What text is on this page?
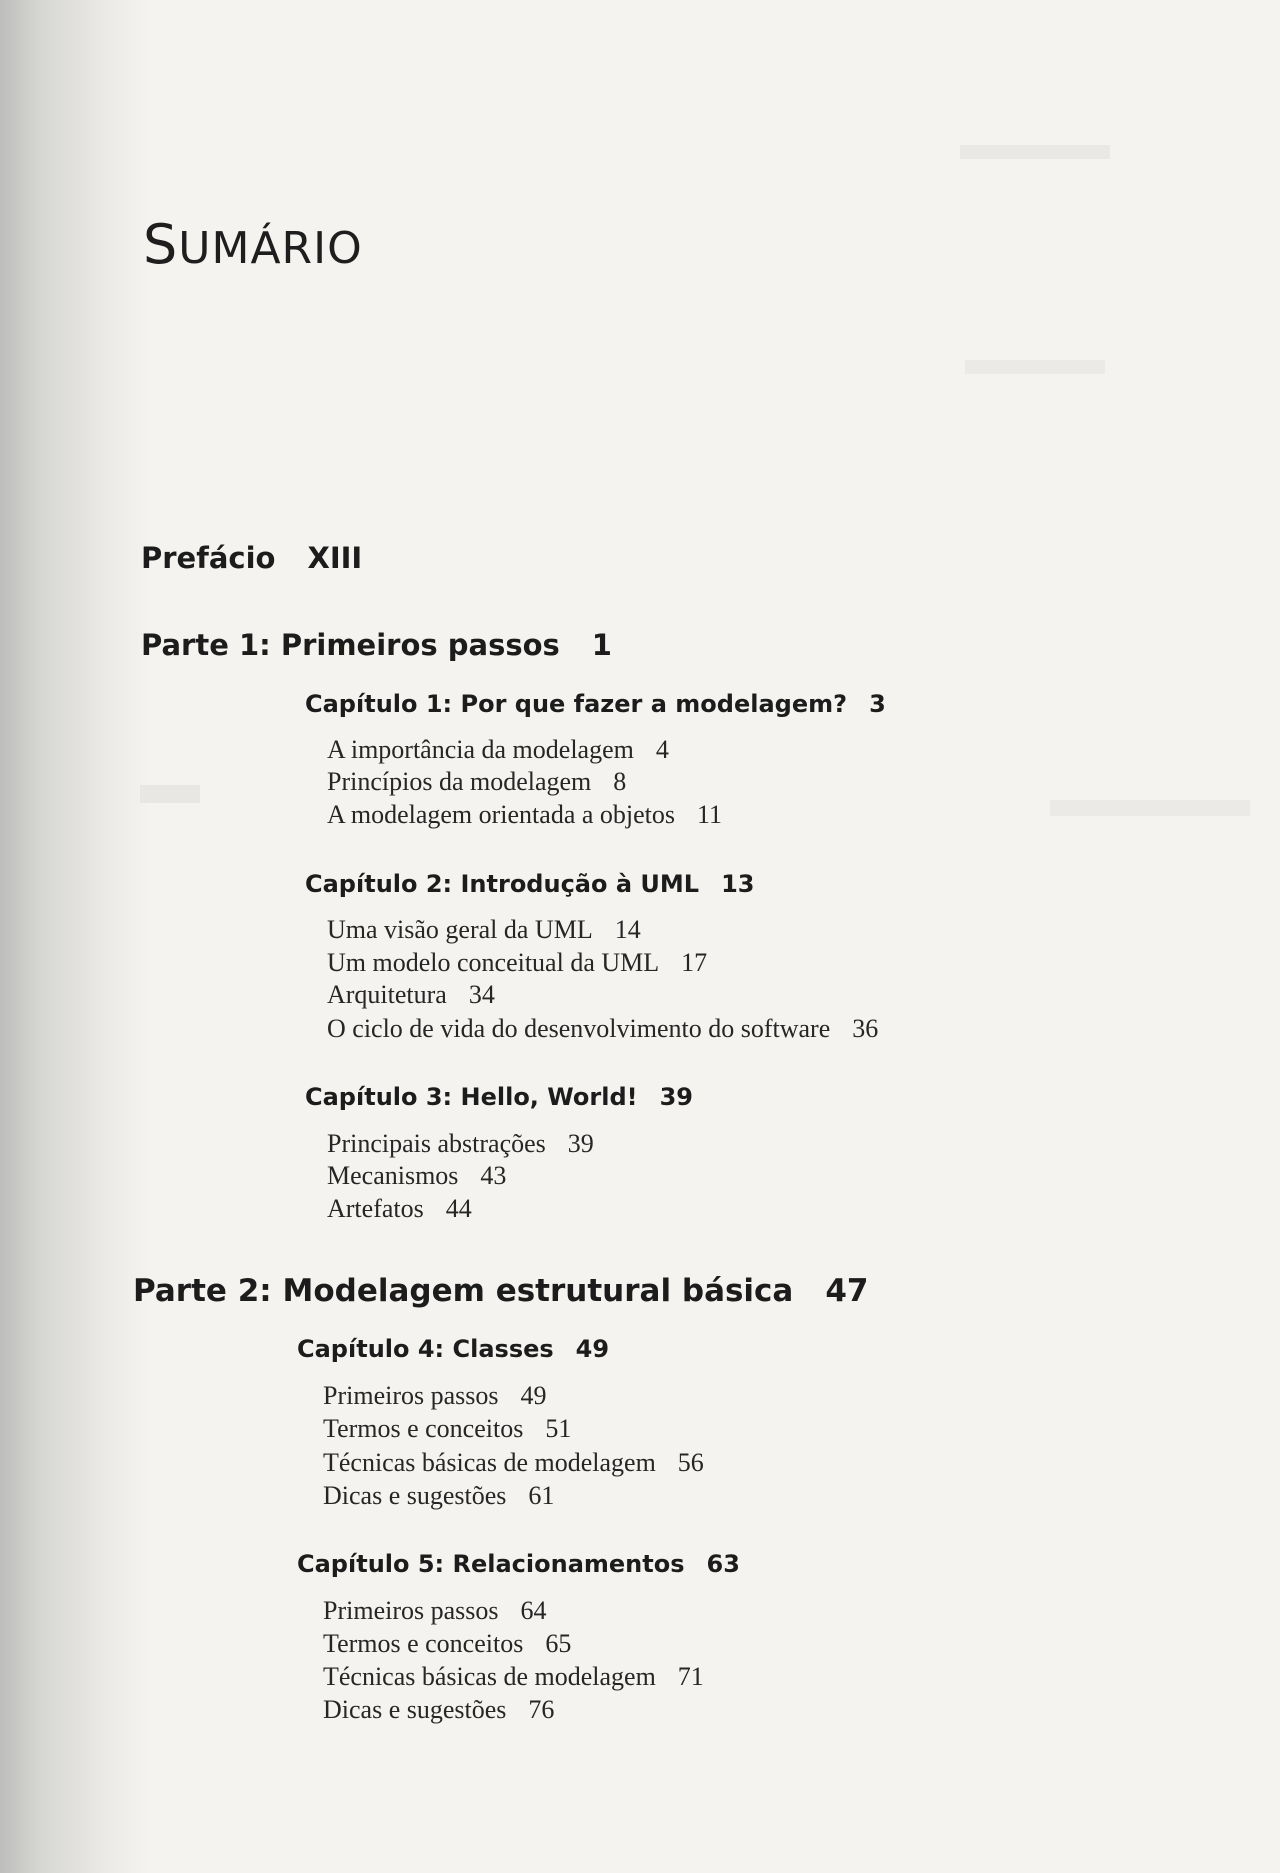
SUMÁRIO
Prefácio XIII
Parte 1: Primeiros passos 1
Capítulo 1: Por que fazer a modelagem? 3
A importância da modelagem 4
Princípios da modelagem 8
A modelagem orientada a objetos 11
Capítulo 2: Introdução à UML 13
Uma visão geral da UML 14
Um modelo conceitual da UML 17
Arquitetura 34
O ciclo de vida do desenvolvimento do software 36
Capítulo 3: Hello, World! 39
Principais abstrações 39
Mecanismos 43
Artefatos 44
Parte 2: Modelagem estrutural básica 47
Capítulo 4: Classes 49
Primeiros passos 49
Termos e conceitos 51
Técnicas básicas de modelagem 56
Dicas e sugestões 61
Capítulo 5: Relacionamentos 63
Primeiros passos 64
Termos e conceitos 65
Técnicas básicas de modelagem 71
Dicas e sugestões 76
